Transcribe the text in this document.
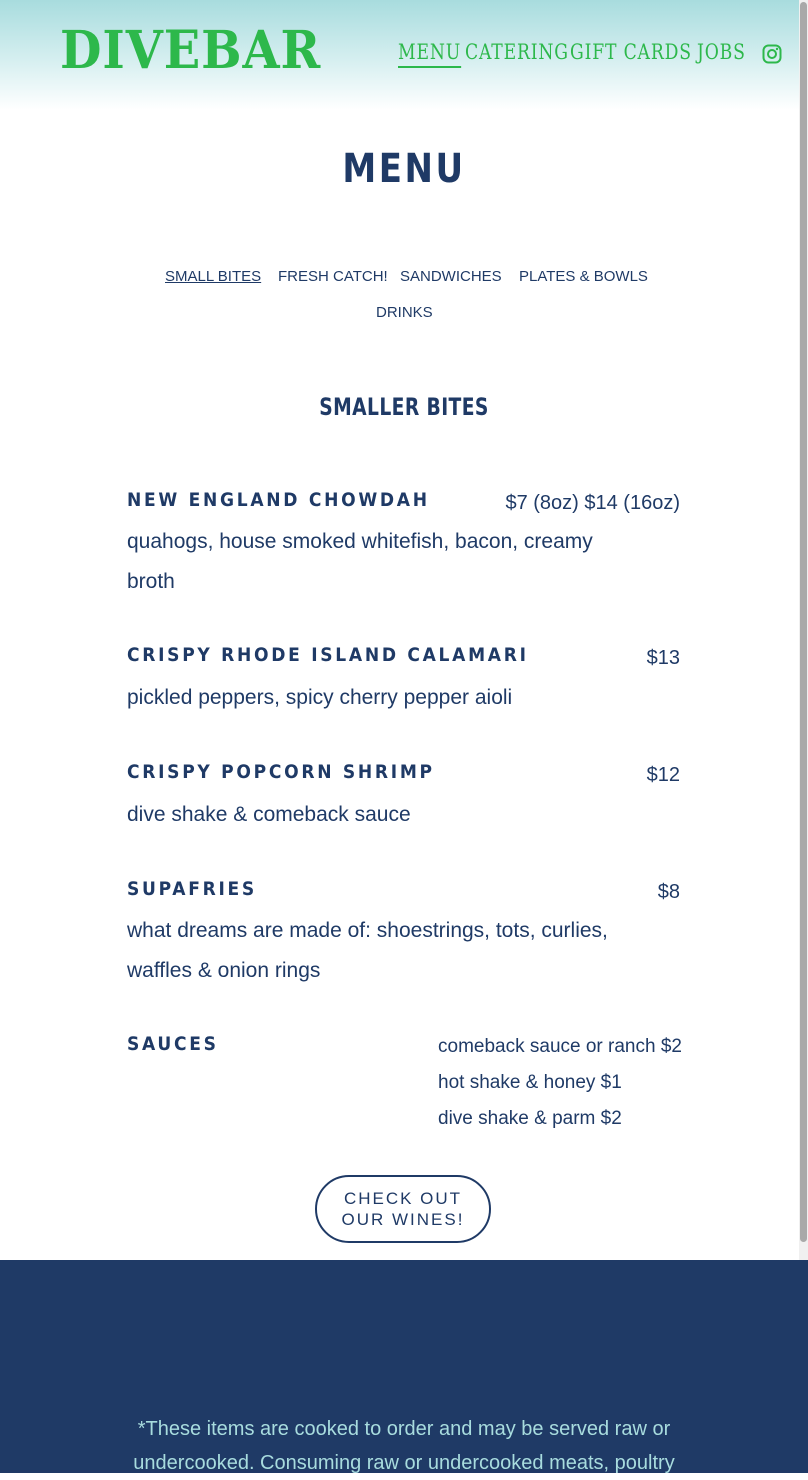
DIVEBAR	MENU CATERING GIFT CARDS JOBS
MENU
SMALL BITES FRESH CATCH! SANDWICHES PLATES & BOWLS
DRINKS
SMALLER BITES
NEW ENGLAND CHOWDAH	$7 (8oz) $14 (16oz)
quahogs, house smoked whitefish, bacon, creamy broth
CRISPY RHODE ISLAND CALAMARI	$13
pickled peppers, spicy cherry pepper aioli
CRISPY POPCORN SHRIMP	$12
dive shake & comeback sauce
SUPAFRIES	$8
what dreams are made of: shoestrings, tots, curlies, waffles & onion rings
SAUCES	comeback sauce or ranch $2
hot shake & honey $1
dive shake & parm $2
CHECK OUT OUR WINES!
*These items are cooked to order and may be served raw or undercooked. Consuming raw or undercooked meats, poultry
